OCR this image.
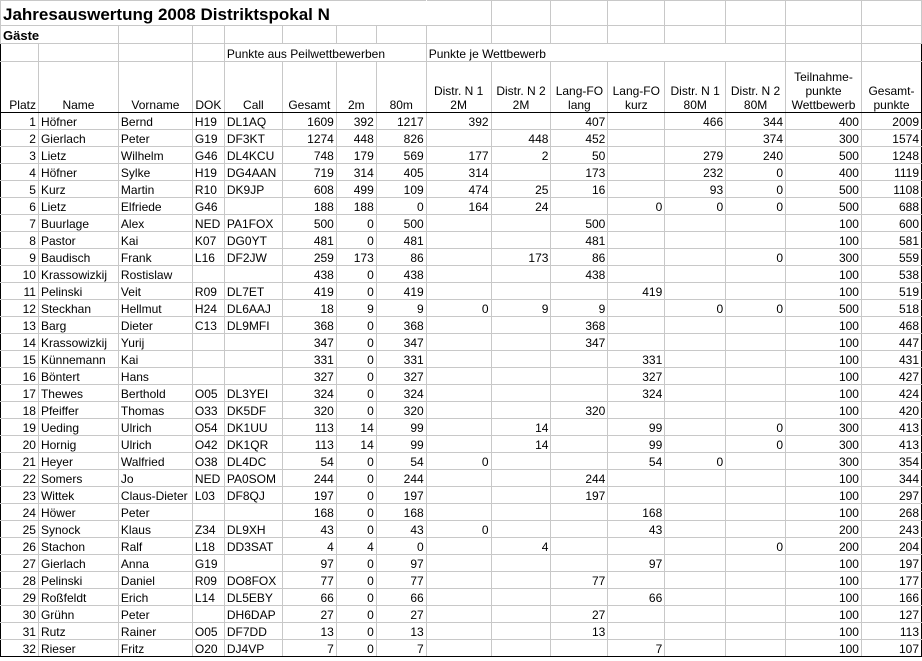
Jahresauswertung 2008 Distriktspokal N															
Gäste															
				Punkte aus Peilwettbewerben				Punkte je Wettbewerb							
Platz	Name	Vorname	DOK	Call	Gesamt	2m	80m	Distr. N 1 2M	Distr. N 2 2M	Lang-FO lang	Lang-FO kurz	Distr. N 1 80M	Distr. N 2 80M	Teilnahme-punkte Wettbewerb	Gesamt-punkte
1	Höfner	Bernd	H19	DL1AQ	1609	392	1217	392		407		466	344	400	2009
2	Gierlach	Peter	G19	DF3KT	1274	448	826		448	452			374	300	1574
3	Lietz	Wilhelm	G46	DL4KCU	748	179	569	177	2	50		279	240	500	1248
4	Höfner	Sylke	H19	DG4AAN	719	314	405	314		173		232	0	400	1119
5	Kurz	Martin	R10	DK9JP	608	499	109	474	25	16		93	0	500	1108
6	Lietz	Elfriede	G46		188	188	0	164	24		0	0	0	500	688
7	Buurlage	Alex	NED	PA1FOX	500	0	500			500				100	600
8	Pastor	Kai	K07	DG0YT	481	0	481			481				100	581
9	Baudisch	Frank	L16	DF2JW	259	173	86		173	86			0	300	559
10	Krassowizkij	Rostislaw			438	0	438			438				100	538
11	Pelinski	Veit	R09	DL7ET	419	0	419				419			100	519
12	Steckhan	Hellmut	H24	DL6AAJ	18	9	9	0	9	9		0	0	500	518
13	Barg	Dieter	C13	DL9MFI	368	0	368			368				100	468
14	Krassowizkij	Yurij			347	0	347			347				100	447
15	Künnemann	Kai			331	0	331				331			100	431
16	Böntert	Hans			327	0	327				327			100	427
17	Thewes	Berthold	O05	DL3YEI	324	0	324				324			100	424
18	Pfeiffer	Thomas	O33	DK5DF	320	0	320			320				100	420
19	Ueding	Ulrich	O54	DK1UU	113	14	99		14		99		0	300	413
20	Hornig	Ulrich	O42	DK1QR	113	14	99		14		99		0	300	413
21	Heyer	Walfried	O38	DL4DC	54	0	54	0			54	0		300	354
22	Somers	Jo	NED	PA0SOM	244	0	244			244				100	344
23	Wittek	Claus-Dieter	L03	DF8QJ	197	0	197			197				100	297
24	Höwer	Peter			168	0	168				168			100	268
25	Synock	Klaus	Z34	DL9XH	43	0	43	0			43			200	243
26	Stachon	Ralf	L18	DD3SAT	4	4	0		4				0	200	204
27	Gierlach	Anna	G19		97	0	97				97			100	197
28	Pelinski	Daniel	R09	DO8FOX	77	0	77			77				100	177
29	Roßfeldt	Erich	L14	DL5EBY	66	0	66				66			100	166
30	Grühn	Peter		DH6DAP	27	0	27			27				100	127
31	Rutz	Rainer	O05	DF7DD	13	0	13			13				100	113
32	Rieser	Fritz	O20	DJ4VP	7	0	7				7			100	107
